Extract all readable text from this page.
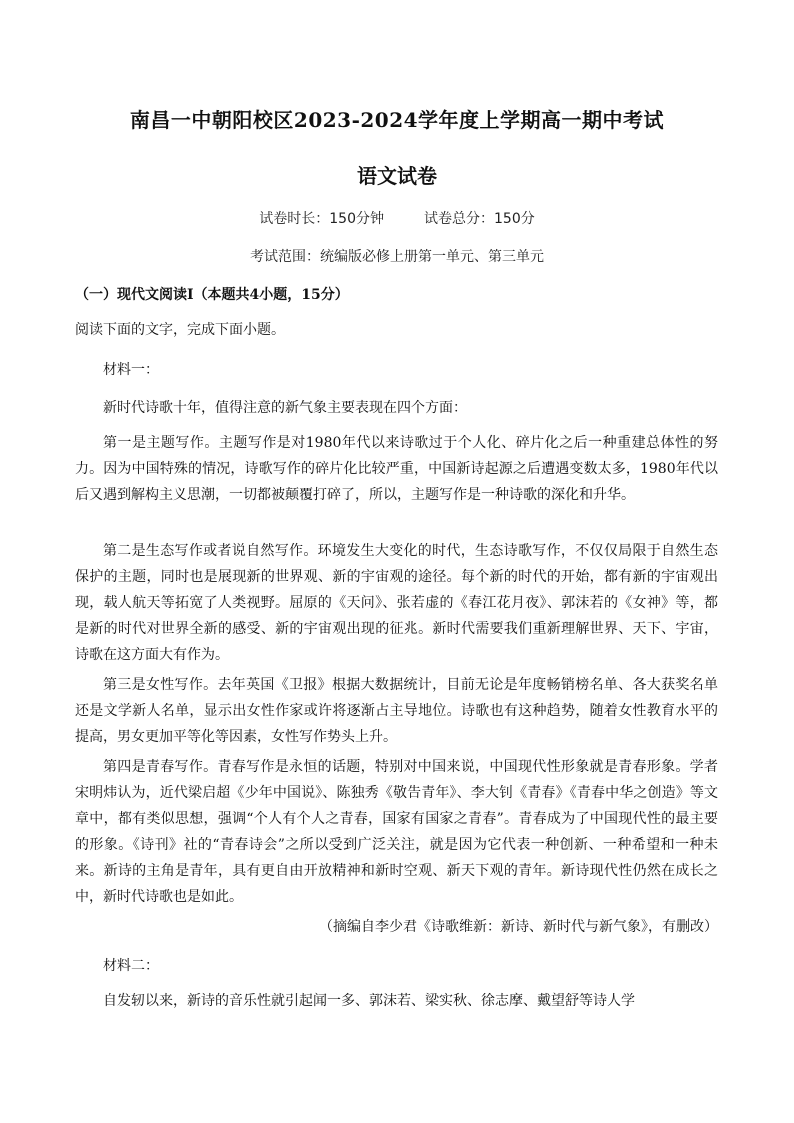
南昌一中朝阳校区2023-2024学年度上学期高一期中考试
语文试卷
试卷时长：150分钟	试卷总分：150分
考试范围：统编版必修上册第一单元、第三单元
（一）现代文阅读Ⅰ（本题共4小题，15分）
阅读下面的文字，完成下面小题。
材料一：
新时代诗歌十年，值得注意的新气象主要表现在四个方面：

第一是主题写作。主题写作是对1980年代以来诗歌过于个人化、碎片化之后一种重建总体性的努力。因为中国特殊的情况，诗歌写作的碎片化比较严重，中国新诗起源之后遭遇变数太多，1980年代以后又遇到解构主义思潮，一切都被颠覆打碎了，所以，主题写作是一种诗歌的深化和升华。

第二是生态写作或者说自然写作。环境发生大变化的时代，生态诗歌写作，不仅仅局限于自然生态保护的主题，同时也是展现新的世界观、新的宇宙观的途径。每个新的时代的开始，都有新的宇宙观出现，载人航天等拓宽了人类视野。屈原的《天问》、张若虚的《春江花月夜》、郭沫若的《女神》等，都是新的时代对世界全新的感受、新的宇宙观出现的征兆。新时代需要我们重新理解世界、天下、宇宙，诗歌在这方面大有作为。

第三是女性写作。去年英国《卫报》根据大数据统计，目前无论是年度畅销榜名单、各大获奖名单还是文学新人名单，显示出女性作家或许将逐渐占主导地位。诗歌也有这种趋势，随着女性教育水平的提高，男女更加平等化等因素，女性写作势头上升。

第四是青春写作。青春写作是永恒的话题，特别对中国来说，中国现代性形象就是青春形象。学者宋明炜认为，近代梁启超《少年中国说》、陈独秀《敬告青年》、李大钊《青春》《青春中华之创造》等文章中，都有类似思想，强调“个人有个人之青春，国家有国家之青春”。青春成为了中国现代性的最主要的形象。《诗刊》社的“青春诗会”之所以受到广泛关注，就是因为它代表一种创新、一种希望和一种未来。新诗的主角是青年，具有更自由开放精神和新时空观、新天下观的青年。新诗现代性仍然在成长之中，新时代诗歌也是如此。

（摘编自李少君《诗歌维新：新诗、新时代与新气象》，有删改）
材料二：

自发轫以来，新诗的音乐性就引起闻一多、郭沫若、梁实秋、徐志摩、戴望舒等诗人学
